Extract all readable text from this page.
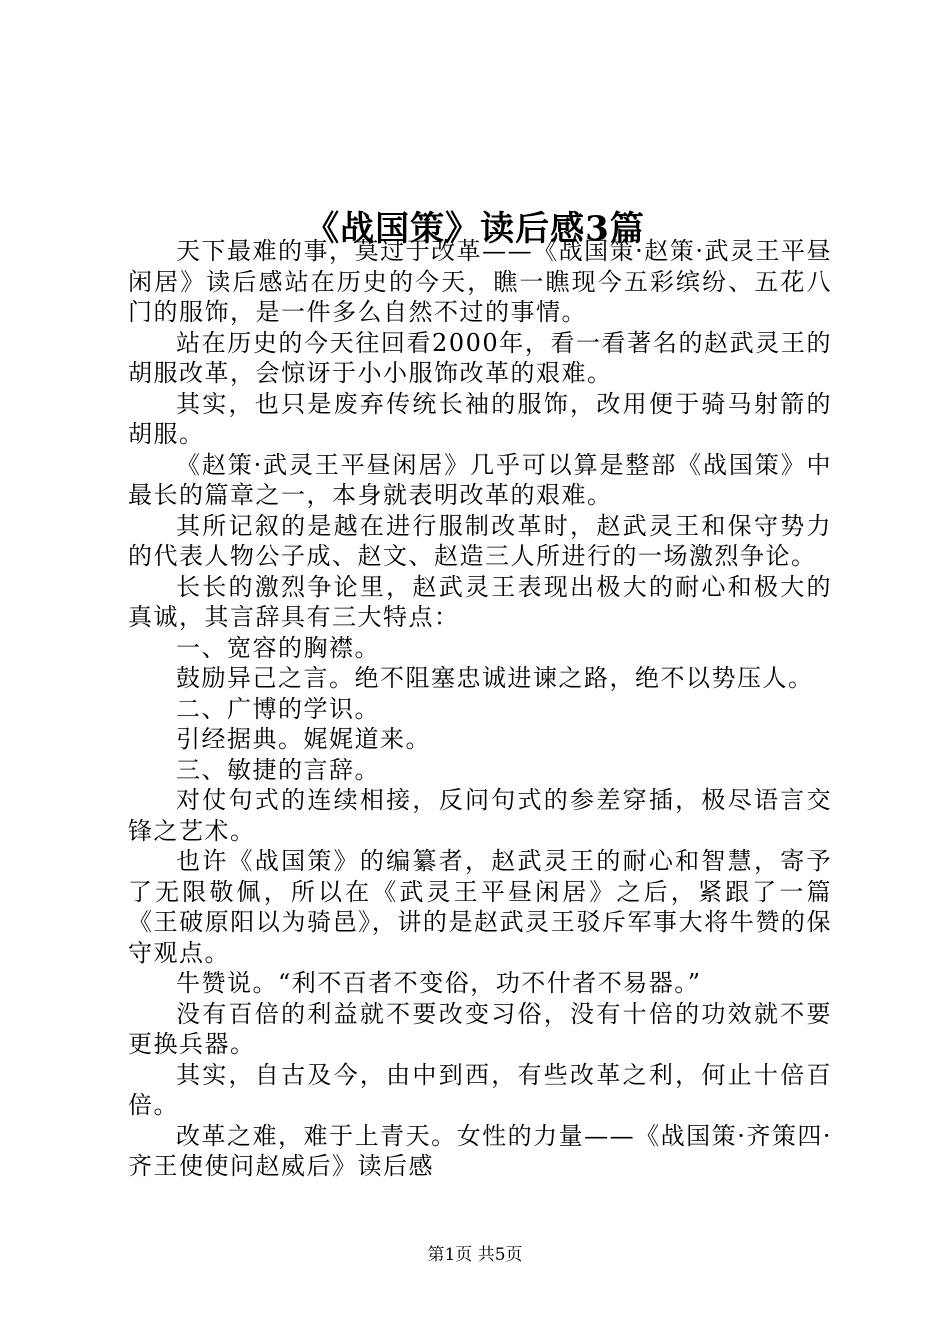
《战国策》读后感3篇

天下最难的事，莫过于改革——《战国策·赵策·武灵王平昼闲居》读后感站在历史的今天，瞧一瞧现今五彩缤纷、五花八门的服饰，是一件多么自然不过的事情。

站在历史的今天往回看2000年，看一看著名的赵武灵王的胡服改革，会惊讶于小小服饰改革的艰难。

其实，也只是废弃传统长袖的服饰，改用便于骑马射箭的胡服。

《赵策·武灵王平昼闲居》几乎可以算是整部《战国策》中最长的篇章之一，本身就表明改革的艰难。

其所记叙的是越在进行服制改革时，赵武灵王和保守势力的代表人物公子成、赵文、赵造三人所进行的一场激烈争论。

长长的激烈争论里，赵武灵王表现出极大的耐心和极大的真诚，其言辞具有三大特点：

一、宽容的胸襟。

鼓励异己之言。绝不阻塞忠诚进谏之路，绝不以势压人。

二、广博的学识。

引经据典。娓娓道来。

三、敏捷的言辞。

对仗句式的连续相接，反问句式的参差穿插，极尽语言交锋之艺术。

也许《战国策》的编纂者，赵武灵王的耐心和智慧，寄予了无限敬佩，所以在《武灵王平昼闲居》之后，紧跟了一篇《王破原阳以为骑邑》，讲的是赵武灵王驳斥军事大将牛赞的保守观点。

牛赞说。“利不百者不变俗，功不什者不易器。”

没有百倍的利益就不要改变习俗，没有十倍的功效就不要更换兵器。

其实，自古及今，由中到西，有些改革之利，何止十倍百倍。

改革之难，难于上青天。女性的力量——《战国策·齐策四·齐王使使问赵威后》读后感

第1页 共5页
